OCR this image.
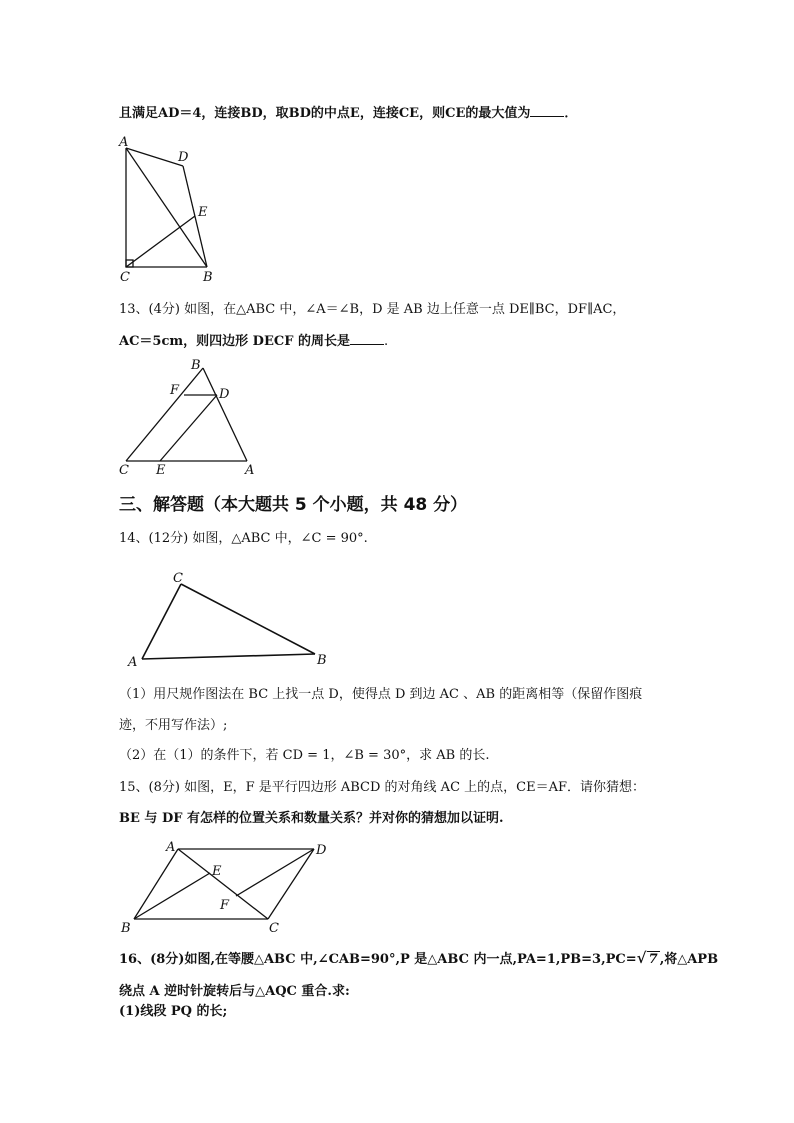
且满足AD＝4，连接BD，取BD的中点E，连接CE，则CE的最大值为	．
A
D
E
C	B
13、(4分) 如图，在△ABC 中，∠A＝∠B，D 是 AB 边上任意一点 DE∥BC，DF∥AC，
AC＝5cm，则四边形 DECF 的周长是	.
B
F	D
C E	A
三、解答题（本大题共 5 个小题，共 48 分）
14、(12分) 如图，△ABC 中，∠C = 90°.
C
A	B
（1）用尺规作图法在 BC 上找一点 D，使得点 D 到边 AC 、AB 的距离相等（保留作图痕
迹，不用写作法）;
（2）在（1）的条件下，若 CD = 1，∠B = 30°，求 AB 的长.
15、(8分) 如图，E，F 是平行四边形 ABCD 的对角线 AC 上的点，CE＝AF．请你猜想：
BE 与 DF 有怎样的位置关系和数量关系？并对你的猜想加以证明.
A	D
E
F
B	C
16、(8分)如图,在等腰△ABC 中,∠CAB=90°,P 是△ABC 内一点,PA=1,PB=3,PC= √ 7 ,将△APB
绕点 A 逆时针旋转后与△AQC 重合.求:
(1)线段 PQ 的长;
